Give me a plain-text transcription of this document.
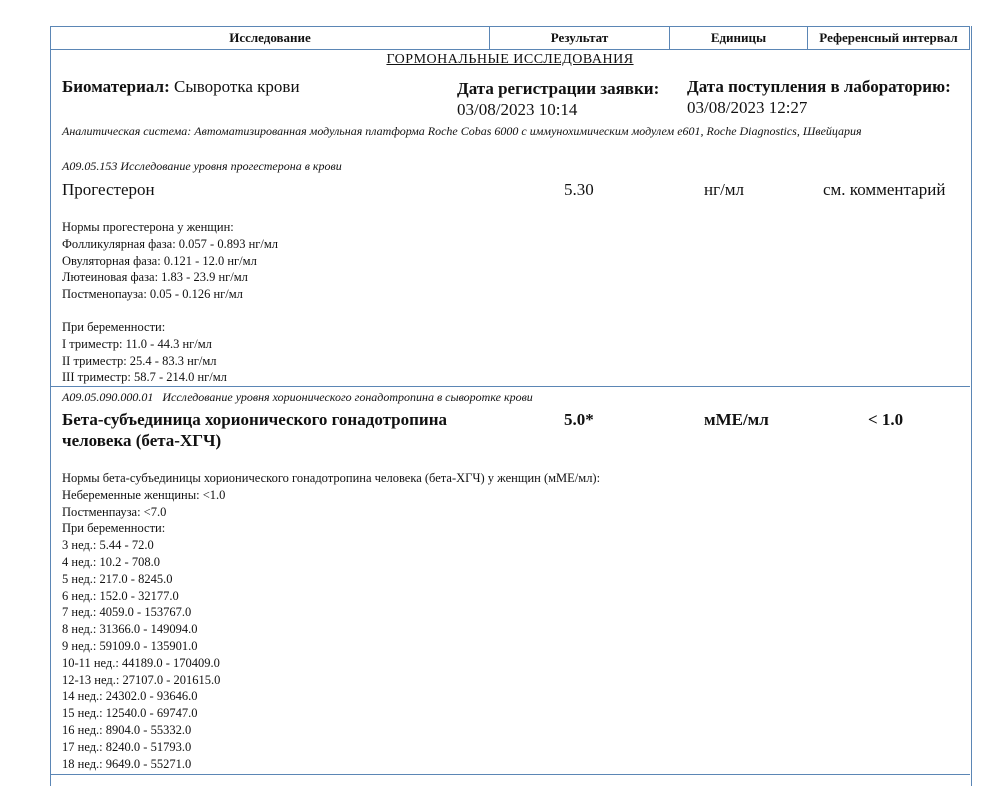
Исследование	Результат	Единицы	Референсный интервал
ГОРМОНАЛЬНЫЕ ИССЛЕДОВАНИЯ
Биоматериал: Сыворотка крови	Дата регистрации заявки:
03/08/2023 10:14
Дата поступления в лабораторию:
03/08/2023 12:27
Аналитическая система: Автоматизированная модульная платформа Roche Cobas 6000 с иммунохимическим модулем e601, Roche Diagnostics, Швейцария
A09.05.153 Исследование уровня прогестерона в крови
Прогестерон	5.30	нг/мл	см. комментарий
Нормы прогестерона у женщин:
Фолликулярная фаза: 0.057 - 0.893 нг/мл
Овуляторная фаза: 0.121 - 12.0 нг/мл
Лютеиновая фаза: 1.83 - 23.9 нг/мл
Постменопауза: 0.05 - 0.126 нг/мл
При беременности:
I триместр: 11.0 - 44.3 нг/мл
II триместр: 25.4 - 83.3 нг/мл
III триместр: 58.7 - 214.0 нг/мл
A09.05.090.000.01 Исследование уровня хорионического гонадотропина в сыворотке крови
Бета-субъединица хорионического гонадотропина
человека (бета-ХГЧ)
5.0*	мМЕ/мл	< 1.0
Нормы бета-субъединицы хорионического гонадотропина человека (бета-ХГЧ) у женщин (мМЕ/мл):
Небеременные женщины: <1.0
Постменпауза: <7.0
При беременности:
3 нед.: 5.44 - 72.0
4 нед.: 10.2 - 708.0
5 нед.: 217.0 - 8245.0
6 нед.: 152.0 - 32177.0
7 нед.: 4059.0 - 153767.0
8 нед.: 31366.0 - 149094.0
9 нед.: 59109.0 - 135901.0
10-11 нед.: 44189.0 - 170409.0
12-13 нед.: 27107.0 - 201615.0
14 нед.: 24302.0 - 93646.0
15 нед.: 12540.0 - 69747.0
16 нед.: 8904.0 - 55332.0
17 нед.: 8240.0 - 51793.0
18 нед.: 9649.0 - 55271.0
